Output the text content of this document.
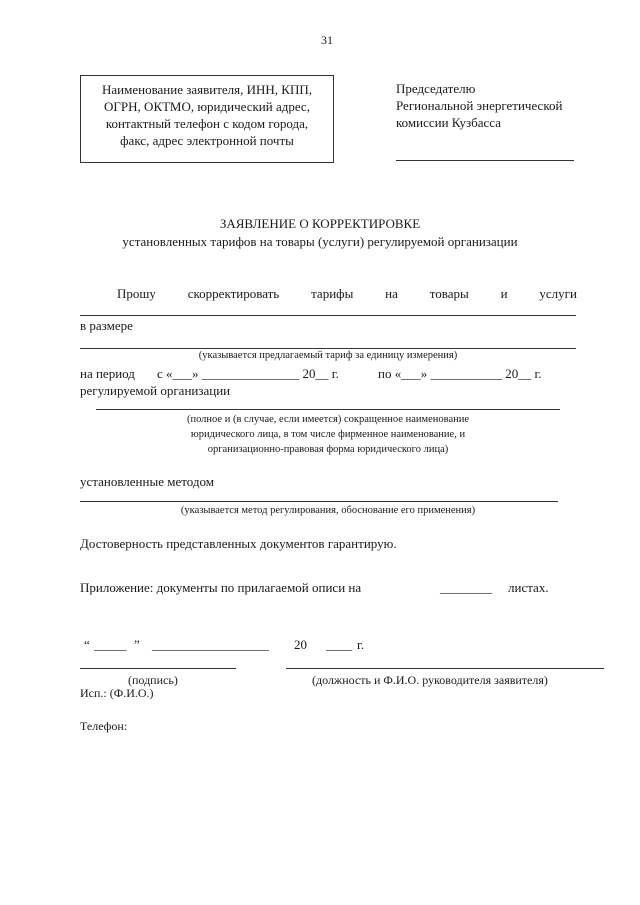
31
Наименование заявителя, ИНН, КПП,
ОГРН, ОКТМО, юридический адрес,
контактный телефон с кодом города,
факс, адрес электронной почты
Председателю
Региональной энергетической
комиссии Кузбасса
ЗАЯВЛЕНИЕ О КОРРЕКТИРОВКЕ
установленных тарифов на товары (услуги) регулируемой организации
Прошу скорректировать тарифы на товары и услуги
в размере
(указывается предлагаемый тариф за единицу измерения)
на период с «___» _______________ 20__ г.	по «___» ___________ 20__ г.
регулируемой организации
(полное и (в случае, если имеется) сокращенное наименование
юридического лица, в том числе фирменное наименование, и
организационно-правовая форма юридического лица)
установленные методом
(указывается метод регулирования, обоснование его применения)
Достоверность представленных документов гарантирую.
Приложение: документы по прилагаемой описи на	________ листах.
“ _____ ” __________________ 20 ____ г.
(подпись)	(должность и Ф.И.О. руководителя заявителя)
Исп.: (Ф.И.О.)
Телефон:
